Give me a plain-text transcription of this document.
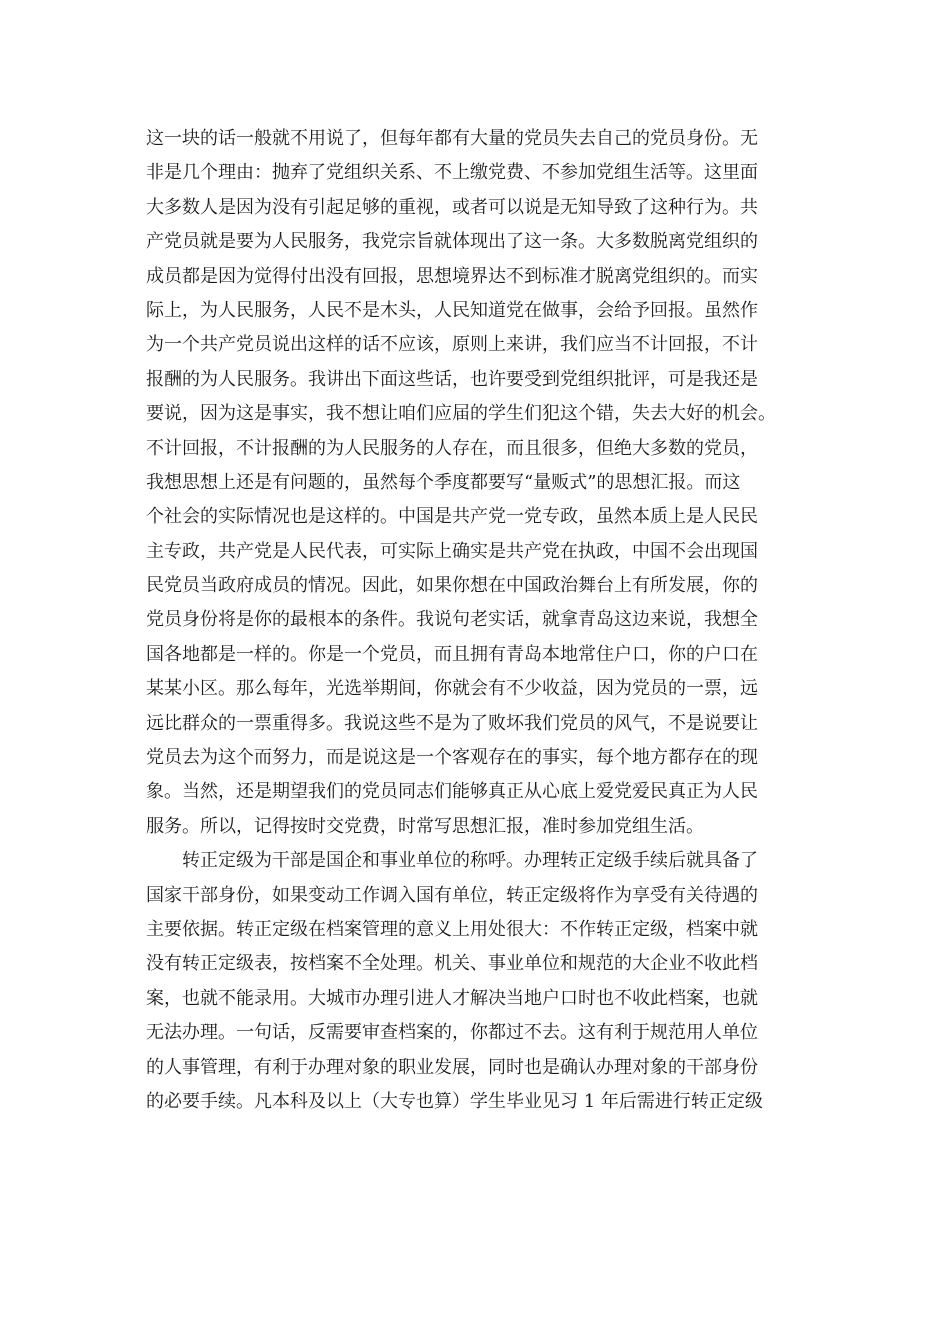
这一块的话一般就不用说了，但每年都有大量的党员失去自己的党员身份。无
非是几个理由：抛弃了党组织关系、不上缴党费、不参加党组生活等。这里面
大多数人是因为没有引起足够的重视，或者可以说是无知导致了这种行为。共
产党员就是要为人民服务，我党宗旨就体现出了这一条。大多数脱离党组织的
成员都是因为觉得付出没有回报，思想境界达不到标准才脱离党组织的。而实
际上，为人民服务，人民不是木头，人民知道党在做事，会给予回报。虽然作
为一个共产党员说出这样的话不应该，原则上来讲，我们应当不计回报，不计
报酬的为人民服务。我讲出下面这些话，也许要受到党组织批评，可是我还是
要说，因为这是事实，我不想让咱们应届的学生们犯这个错，失去大好的机会。
不计回报，不计报酬的为人民服务的人存在，而且很多，但绝大多数的党员，
我想思想上还是有问题的，虽然每个季度都要写“量贩式”的思想汇报。而这
个社会的实际情况也是这样的。中国是共产党一党专政，虽然本质上是人民民
主专政，共产党是人民代表，可实际上确实是共产党在执政，中国不会出现国
民党员当政府成员的情况。因此，如果你想在中国政治舞台上有所发展，你的
党员身份将是你的最根本的条件。我说句老实话，就拿青岛这边来说，我想全
国各地都是一样的。你是一个党员，而且拥有青岛本地常住户口，你的户口在
某某小区。那么每年，光选举期间，你就会有不少收益，因为党员的一票，远
远比群众的一票重得多。我说这些不是为了败坏我们党员的风气，不是说要让
党员去为这个而努力，而是说这是一个客观存在的事实，每个地方都存在的现
象。当然，还是期望我们的党员同志们能够真正从心底上爱党爱民真正为人民
服务。所以，记得按时交党费，时常写思想汇报，准时参加党组生活。
转正定级为干部是国企和事业单位的称呼。办理转正定级手续后就具备了
国家干部身份，如果变动工作调入国有单位，转正定级将作为享受有关待遇的
主要依据。转正定级在档案管理的意义上用处很大：不作转正定级，档案中就
没有转正定级表，按档案不全处理。机关、事业单位和规范的大企业不收此档
案，也就不能录用。大城市办理引进人才解决当地户口时也不收此档案，也就
无法办理。一句话，反需要审查档案的，你都过不去。这有利于规范用人单位
的人事管理，有利于办理对象的职业发展，同时也是确认办理对象的干部身份
的必要手续。凡本科及以上（大专也算）学生毕业见习 1 年后需进行转正定级
